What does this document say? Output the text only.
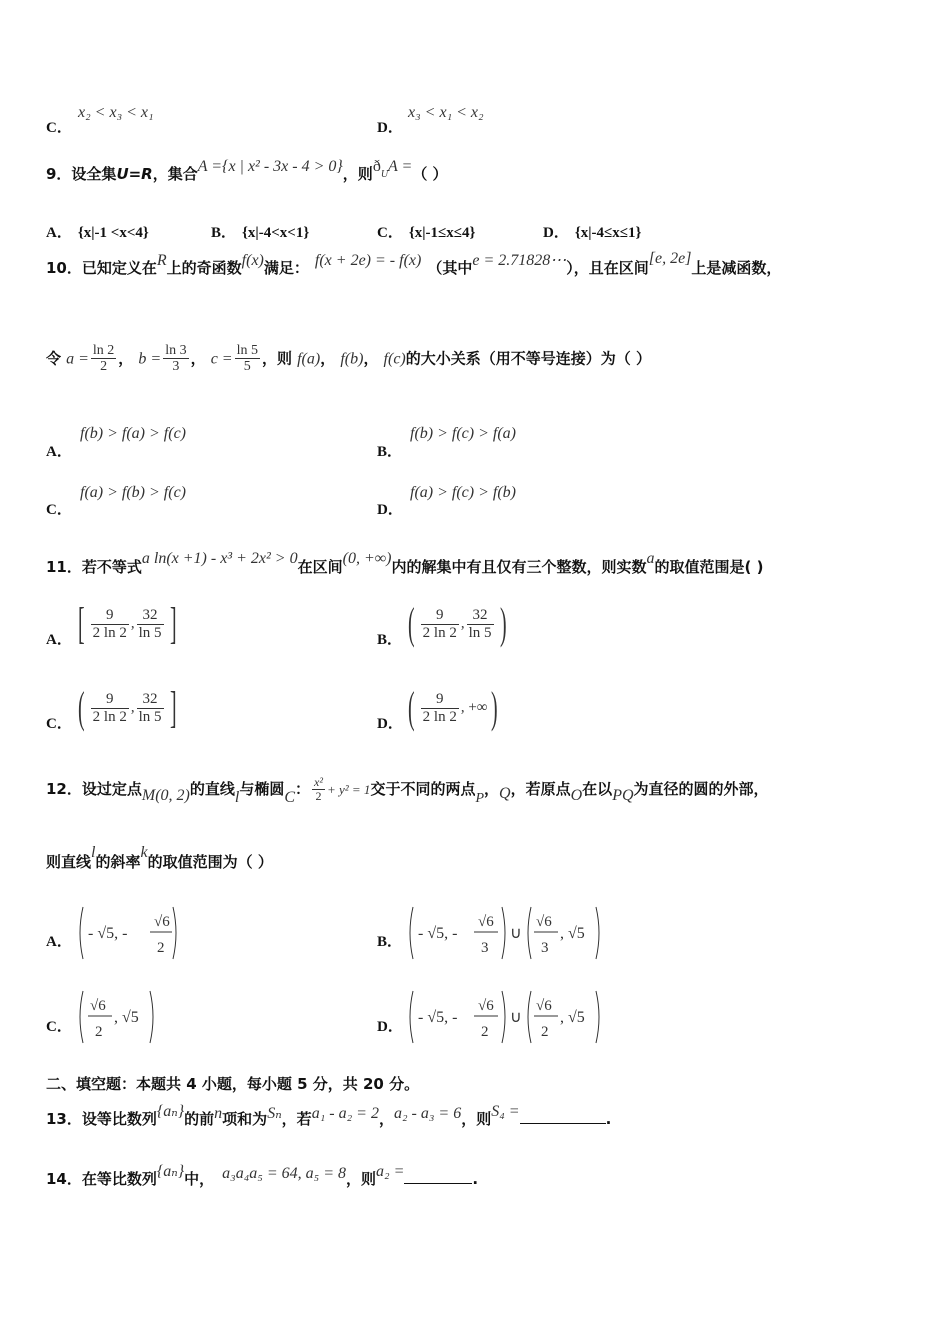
C．
x₂ < x₃ < x₁
D．
x₃ < x₁ < x₂
9．设全集U=R，集合A ={x | x² - 3x - 4 > 0}，则$ð_UA$ =（ ）
A． {x|-1 <x<4}	B． {x|-4<x<1}	C． {x|-1≤x≤4}	D． {x|-4≤x≤1}
10．已知定义在R上的奇函数f(x)满足： f(x + 2e) = - f(x) （其中e = 2.71828⋯），且在区间[e, 2e]上是减函数，
令 $a = \frac{\ln 2}{2}$ ， $b = \frac{\ln 3}{3}$ ， $c = \frac{\ln 5}{5}$ ，则 f(a)， f(b)， f(c)的大小关系（用不等号连接）为（ ）
A．
f(b) > f(a) > f(c)
B．
f(b) > f(c) > f(a)
C．
f(a) > f(b) > f(c)
D．
f(a) > f(c) > f(b)
11．若不等式a ln(x +1) - x³ + 2x² > 0在区间(0, +∞)内的解集中有且仅有三个整数，则实数a的取值范围是( )
A． [ $\frac{9}{2 \ln 2}$ , $\frac{32}{\ln 5}$ ]	B． ( $\frac{9}{2 \ln 2}$ , $\frac{32}{\ln 5}$ )
C． ( $\frac{9}{2 \ln 2}$ , $\frac{32}{\ln 5}$ ]	D． ( $\frac{9}{2 \ln 2}$ , +∞)
12．设过定点M(0, 2)的直线l与椭圆C： $\frac{\text{x²}}{2} + y^2 = 1$交于不同的两点P，Q，若原点O在以PQ为直径的圆的外部，
则直线l的斜率k的取值范围为（ ）
A． - √5, -
√6
2	B． - √5, -
√6
3
∪
√6
3
, √5
C．
√6
2
, √5
D．
- √5, -
√6
2
∪
√6
2
, √5
二、填空题：本题共 4 小题，每小题 5 分，共 20 分。
13．设等比数列{aₙ}的前n项和为Sₙ，若a₁ - a₂ = 2，a₂ - a₃ = 6，则S₄ =	.
14．在等比数列{aₙ}中， a₃a₄a₅ = 64, a₅ = 8，则a₂ =	.
